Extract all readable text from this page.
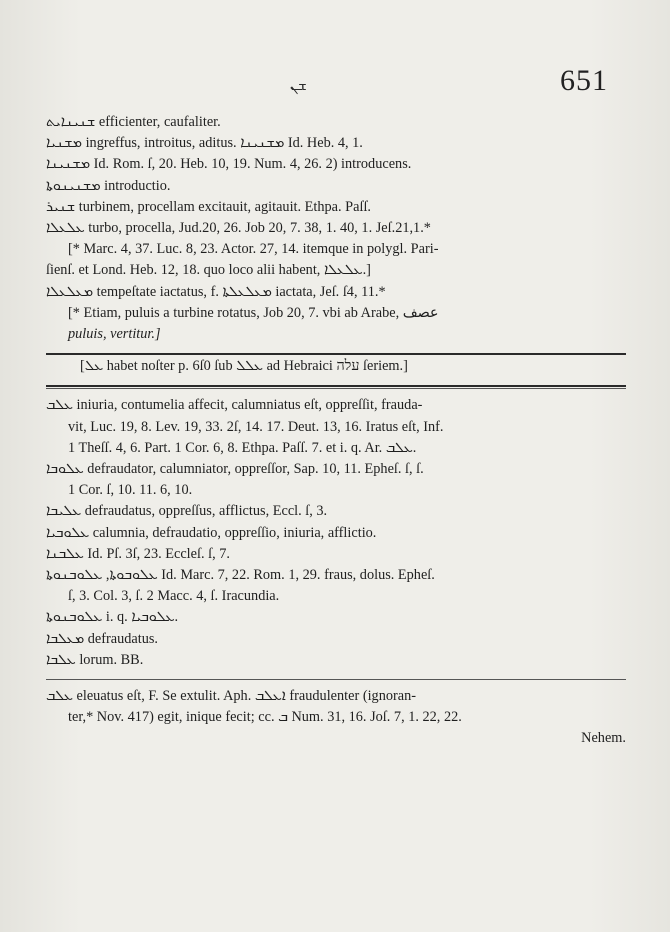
ܫܢ	651
ܫܢܝܢܐܝܬ efficienter, caufaliter.
ܡܫܢܝܐ ingreffus, introitus, aditus. ܡܫܢܝܢܐ Id. Heb. 4, 1.
ܡܫܢܝܢܐ Id. Rom. ſ, 20. Heb. 10, 19. Num. 4, 26. 2) introducens.
ܡܫܢܝܢܘܬܐ introductio.
ܫܢܝܪ turbinem, procellam excitauit, agitauit. Ethpa. Paſſ.
ܥܠܥܠܐ turbo, procella, Jud.20, 26. Job 20, 7. 38, 1. 40, 1. Jeſ.21,1.*
[* Marc. 4, 37. Luc. 8, 23. Actor. 27, 14. itemque in polygl. Pari-
ſienſ. et Lond. Heb. 12, 18. quo loco alii habent, ܥܠܥܠܐ.]
ܡܥܠܥܠܐ tempeſtate iactatus, f. ܡܥܠܥܠܬܐ iactata, Jeſ. ſ4, 11.*
[* Etiam, puluis a turbine rotatus, Job 20, 7. vbi ab Arabe, عصف
puluis, vertitur.]
[ܥܠ habet noſter p. 6ſ0 ſub ܥܠܠ ad Hebraici עלה ſeriem.]
ܥܠܒ iniuria, contumelia affecit, calumniatus eſt, oppreſſit, frauda-
vit, Luc. 19, 8. Lev. 19, 33. 2ſ, 14. 17. Deut. 13, 16. Iratus eſt, Inf.
1 Theſſ. 4, 6. Part. 1 Cor. 6, 8. Ethpa. Paſſ. 7. et i. q. Ar. ܥܠܒ.
ܥܠܘܒܐ defraudator, calumniator, oppreſſor, Sap. 10, 11. Epheſ. ſ, ſ.
1 Cor. ſ, 10. 11. 6, 10.
ܥܠܝܒܐ defraudatus, oppreſſus, afflictus, Eccl. ſ, 3.
ܥܠܘܒܝܐ calumnia, defraudatio, oppreſſio, iniuria, afflictio.
ܥܠܒܢܐ Id. Pſ. 3ſ, 23. Eccleſ. ſ, 7.
ܥܠܘܒܘܬܐ, ܥܠܘܒܢܘܬܐ Id. Marc. 7, 22. Rom. 1, 29. fraus, dolus. Epheſ.
ſ, 3. Col. 3, ſ. 2 Macc. 4, ſ. Iracundia.
ܥܠܘܒܢܘܬܐ i. q. ܥܠܘܒܝܐ.
ܡܥܠܒܐ defraudatus.
ܥܠܒܐ lorum. BB.
ܥܠܒ eleuatus eſt, F. Se extulit. Aph. ܐܥܠܒ fraudulenter (ignoran-
ter,* Nov. 417) egit, inique fecit; cc. ܒ Num. 31, 16. Joſ. 7, 1. 22, 22.
Nehem.
